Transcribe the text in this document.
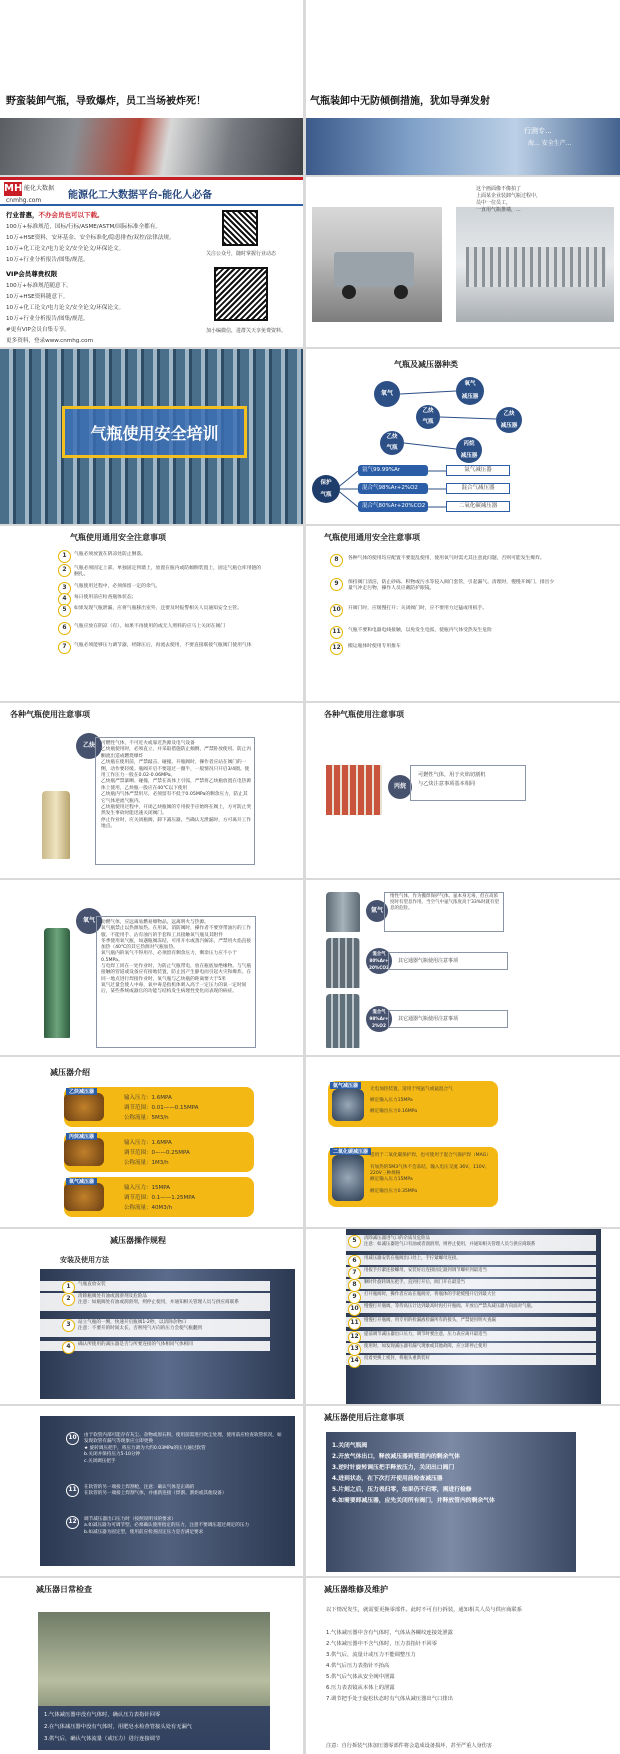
野蛮装卸气瓶，导致爆炸，员工当场被炸死！	气瓶装卸中无防倾倒措施，犹如导弹发射
行测专...
海... 安全生产...
MH 能化大数据
cnmhg.com	能源化工大数据平台-能化人必备
行业普惠，不办会员也可以下载。
100万+标准规范，国标/行标/ASME/ASTM/国际标准全都有。
10万+HSE资料，安环基金、安全标准化/隐患排查/双控/法律法规。
10万+化工论文/电力论文/安全论文/环保论文。
10万+行业分析报告/图集/规范。
VIP会员尊贵权限
100万+标准规范随意下。
10万+HSE资料随意下。
10万+化工论文/电力论文/安全论文/环保论文。
10万+行业分析报告/图集/规范。
#更有VIP会员自集专享。
更多资料，登录www.cnmhg.com
关注公众号，随时掌握行业动态
加小编微信，进群关天享免费资料。
这个画面像不像拍了
上面某企业装卸气瓶过程中，
员中一位员工，
一直用气瓶推墙，...
气瓶使用安全培训
气瓶及减压器种类
氧气
氧气
减压器
乙炔
气瓶
乙炔
减压器
乙炔
气瓶
丙烷
减压器
保护
气瓶
氩气99.99%Ar
混合气98%Ar+2%O2
混合气80%Ar+20%CO2
氩气减压器
混合气减压器
二氧化碳减压器
气瓶使用通用安全注意事项
1	气瓶必须放置在阴凉处防止倒落。
2	气瓶必须固定上部，单独固定到墙上，放置在瓶内或防倾倒装置上，固定气瓶仓库用链的捆扎。
3	气瓶使用过程中，必须保留一定的余气。
4	每日使用前应检查瓶体状态;
5	如果发现气瓶泄漏，应将气瓶移出室外，还要及时报警相关人员通知安全主管。
6	气瓶应放在阴凉（有）。如果不再使用的或无人照料的应马上关闭在阀门
7	气瓶必须能够压力调节器，经降压后，再流去使用，不要直接联接气瓶阀门使用气体
气瓶使用通用安全注意事项
8	各种气体的使用均应配置不要混乱使用，使用氧气时需尤其注意此问题，否则可能发生爆炸。
9	保持阀门清洁，防止砂砾、积物或污水等侵入阀门套管，引起漏气。清理时，慢慢开阀门，排出少量气冲走污物，操作人员应戴防护眼镜。
10	开阀门时，应缓慢打开；关闭阀门时，应不要用力过猛或用扳手。
11	气瓶不要和电器电线接触，以免发生电弧，使瓶内气体受热发生危险
12	搬运瓶体时使用专用推车
各种气瓶使用注意事项
乙炔	可燃性气体，不可近火或靠近热源及电气设备
乙炔瓶使用时，必须直立，并采取措施防止倾倒，严禁卧放使用。防止丙酮流出造成燃烧爆炸
乙炔瓶在使用前，严禁敲击、碰撞。开瓶阀时，操作者应站在阀门的一侧，动作要轻缓。瓶阀开启不要超过一圈半，一般情况只开启3/4圈。使用工作压力一般在0.02-0.06MPa。
乙炔瓶严禁暴晒、碰撞，严禁在高体上引弧，严禁将乙炔瓶放置在电热源体上使用，乙炔瓶一般应在40℃以下使用
乙炔瓶内气体严禁用尽，必须留有不低于0.05MPa的剩余压力，防止其它气体逆流气瓶内。
乙炔瓶使用过程中，开闭乙炔瓶阀的专用扳手应始终在阀上，方可防止突然发生事故时能迅速关闭阀门。
停止作业时，应关闭瓶阀，卸下减压器，当确认无泄漏时，方可离开工作地点。
各种气瓶使用注意事项
丙烷
可燃性气体，用于火焰切割机
与乙炔注意事项基本相同
氧气	助燃气体，应远离易燃易爆物品，远离明火与热源。
氧气瓶禁止以热源加热。在用氧、消防阀时，操作者不要穿带油污的工作服、不能用手、沾有油污的手套和工具接触氧气瓶及其附件
冬季使用氧气瓶，如遇瓶阀冻结，可用开水或蒸汽解冻，严禁用火焰直接加热（40℃的其它热源对气瓶加热。
氧气瓶内的氧气不得用尽，必须留有剩余压力，剩余压力应不小于0.5MPa。
与电焊工同在一处作业时，为防止气瓶带电，放在瓶底加绝缘物。与气瓶接触的管道或设备应有接地装置，防止因产生静电而引起火灾和爆炸。在同一地点进行焊接作业时，氧气瓶与乙炔瓶的距离要大于5米
氧气过量会使人中毒，氧中毒是指机体吸入高于一定压力的氧一定时间后，某些系统或器官的功能与结构发生病理性变化而表现的病症。
氩气
惰性气体，作为搬焊保护气体。氩本身无毒，但在高浓度时有窒息作用。当空气中氩气浓度高于33%时就有窒息的危险。
混合气
80%Ar+
20%CO2
其它通器气瓶使用注意事项
混合气
98%Ar+
2%O2
其它通器气瓶使用注意事项
减压器介绍
乙炔减压器
输入压力：1.6MPA
调节范围：0.01——0.15MPA
公称流量：5M3/h
丙烷减压器
输入压力：1.6MPA
调节范围：0——0.25MPA
公称流量：1M3/h
氧气减压器
输入压力：15MPA
调节范围：0.1——1.25MPA
公称流量：40M3/h
氩气减压器
无电加热装置，适用于纯氩气或氩混合气
额定输入压力15MPa
额定输出压力0.16MPa
二氧化碳减压器
适用于二氧化碳保护焊，也可使用于混合气保护焊（MAG）
有加热的5M3气体不会冻结，输入电压交流 36V、110V、220V三种规格
额定输入压力15MPa
额定输出压力0.35MPa
减压器操作规程
安装及使用方法
1	气瓶直放安装
2	清除瓶阀处有油或润滑剂及危险品
注意：如瓶阀处有油或润滑剂，则停止使用，并通知相关管理人员与供应商联系
3	站立气瓶的一侧，快速开启瓶阀1-2秒，以清除杂物口
注意：不要开的时间太长，否则纯气方向的压力会使气瓶翻到
4	确认所使用的减压器是否与所要连接的气体相同气体相同
5	清除减压器进气口的杂质及危险品
注意：如减压器进气口有油或者润滑剂，则停止使用，并通知相关管理人员与供应商联系
6	用减压器安装在瓶阀出口处上，手拧紧螺母连接。
7	用扳手拧紧连接螺母，安装好后连接固定器到调节螺杆到最适当
8	顺时针旋转调压把手，直到打开后，阀门开在最适当
9	打开瓶阀时，操作者应站在瓶阀旁，将瓶体的手轮缓慢开启到最大位
10	慢慢打开瓶阀，等待高压计达到最高时再打开瓶阀。开放后严禁从减压器方向面对气瓶。
11	慢慢打开瓶阀，用专用的检漏液检漏所有的接头，严禁使用明火查漏
12	提前调节减压器出口压力，调节时要注意，压力表应离开最适当
13	使用时，如发现减压器有漏气现象或其他故障，应立即停止使用
14	投着更换上密封，将瓶头重新装好
10	由于软管内部可能存有灰尘、杂物或原石粉，使用前需进行吹尘处理，使用前应检查软管状况，如发现软管有漏气等现象应立即更换
★ 旋转调压把手，将压力调为大约0.03MPa的压力通过软管
b.关闭并保持压力5-10分钟
c.关闭调压把手
11	在软管的另一端接上焊割枪，注意：确认气体是正确的
在软管的另一端接上焊割气体，并重新连接（焊割、割炬或其他设备）
12	调节减压器出口压力时（按照说明书的要求）
a.如减压器为可调节型，必须确认使用指定的压力，注意不要调压超过规定的压力
b.如减压器为固定型，使用前应检查固定压力是否满足要求
减压器使用后注意事项
1.关闭气瓶阀
2.开放气体出口，释放减压器到管道内的剩余气体
3.逆时针旋转调压把手释放压力，关闭出口阀门
4.进到状态，在下次打开使用前检查减压器
5.片刻之后，压力表归零，如果仍不归零，需进行检修
6.如需要卸减压器，应先关闭所有阀门，并释放管内的剩余气体
减压器日常检查
1.气体减压器中没有气体时，确认压力表指针回零
2.在气体减压器中没有气体时，用肥皂水检查管接头处有无漏气
3.供气后，确认气体流量（或压力）进行连接调节
减压器维修及维护
以下情况发生，就需要更换零部件。此时不可自行拆装，通知相关人员与供应商联系
1.气体减压器中含有气体时，气体从各螺纹连接处泄露
2.气体减压器中不含气体时，压力表指针不回零
3.供气后，流量计或压力不能调整压力
4.供气后压力表指针不抬高
5.供气后气体从安全阀中泄露
6.压力表表镜从本体上的泄露
7.调节把手处于旋松状态时有气体从减压器出气口排出
注意：自行拆装气体加压器零部件将会造成设备损坏，甚至严重人身伤害
